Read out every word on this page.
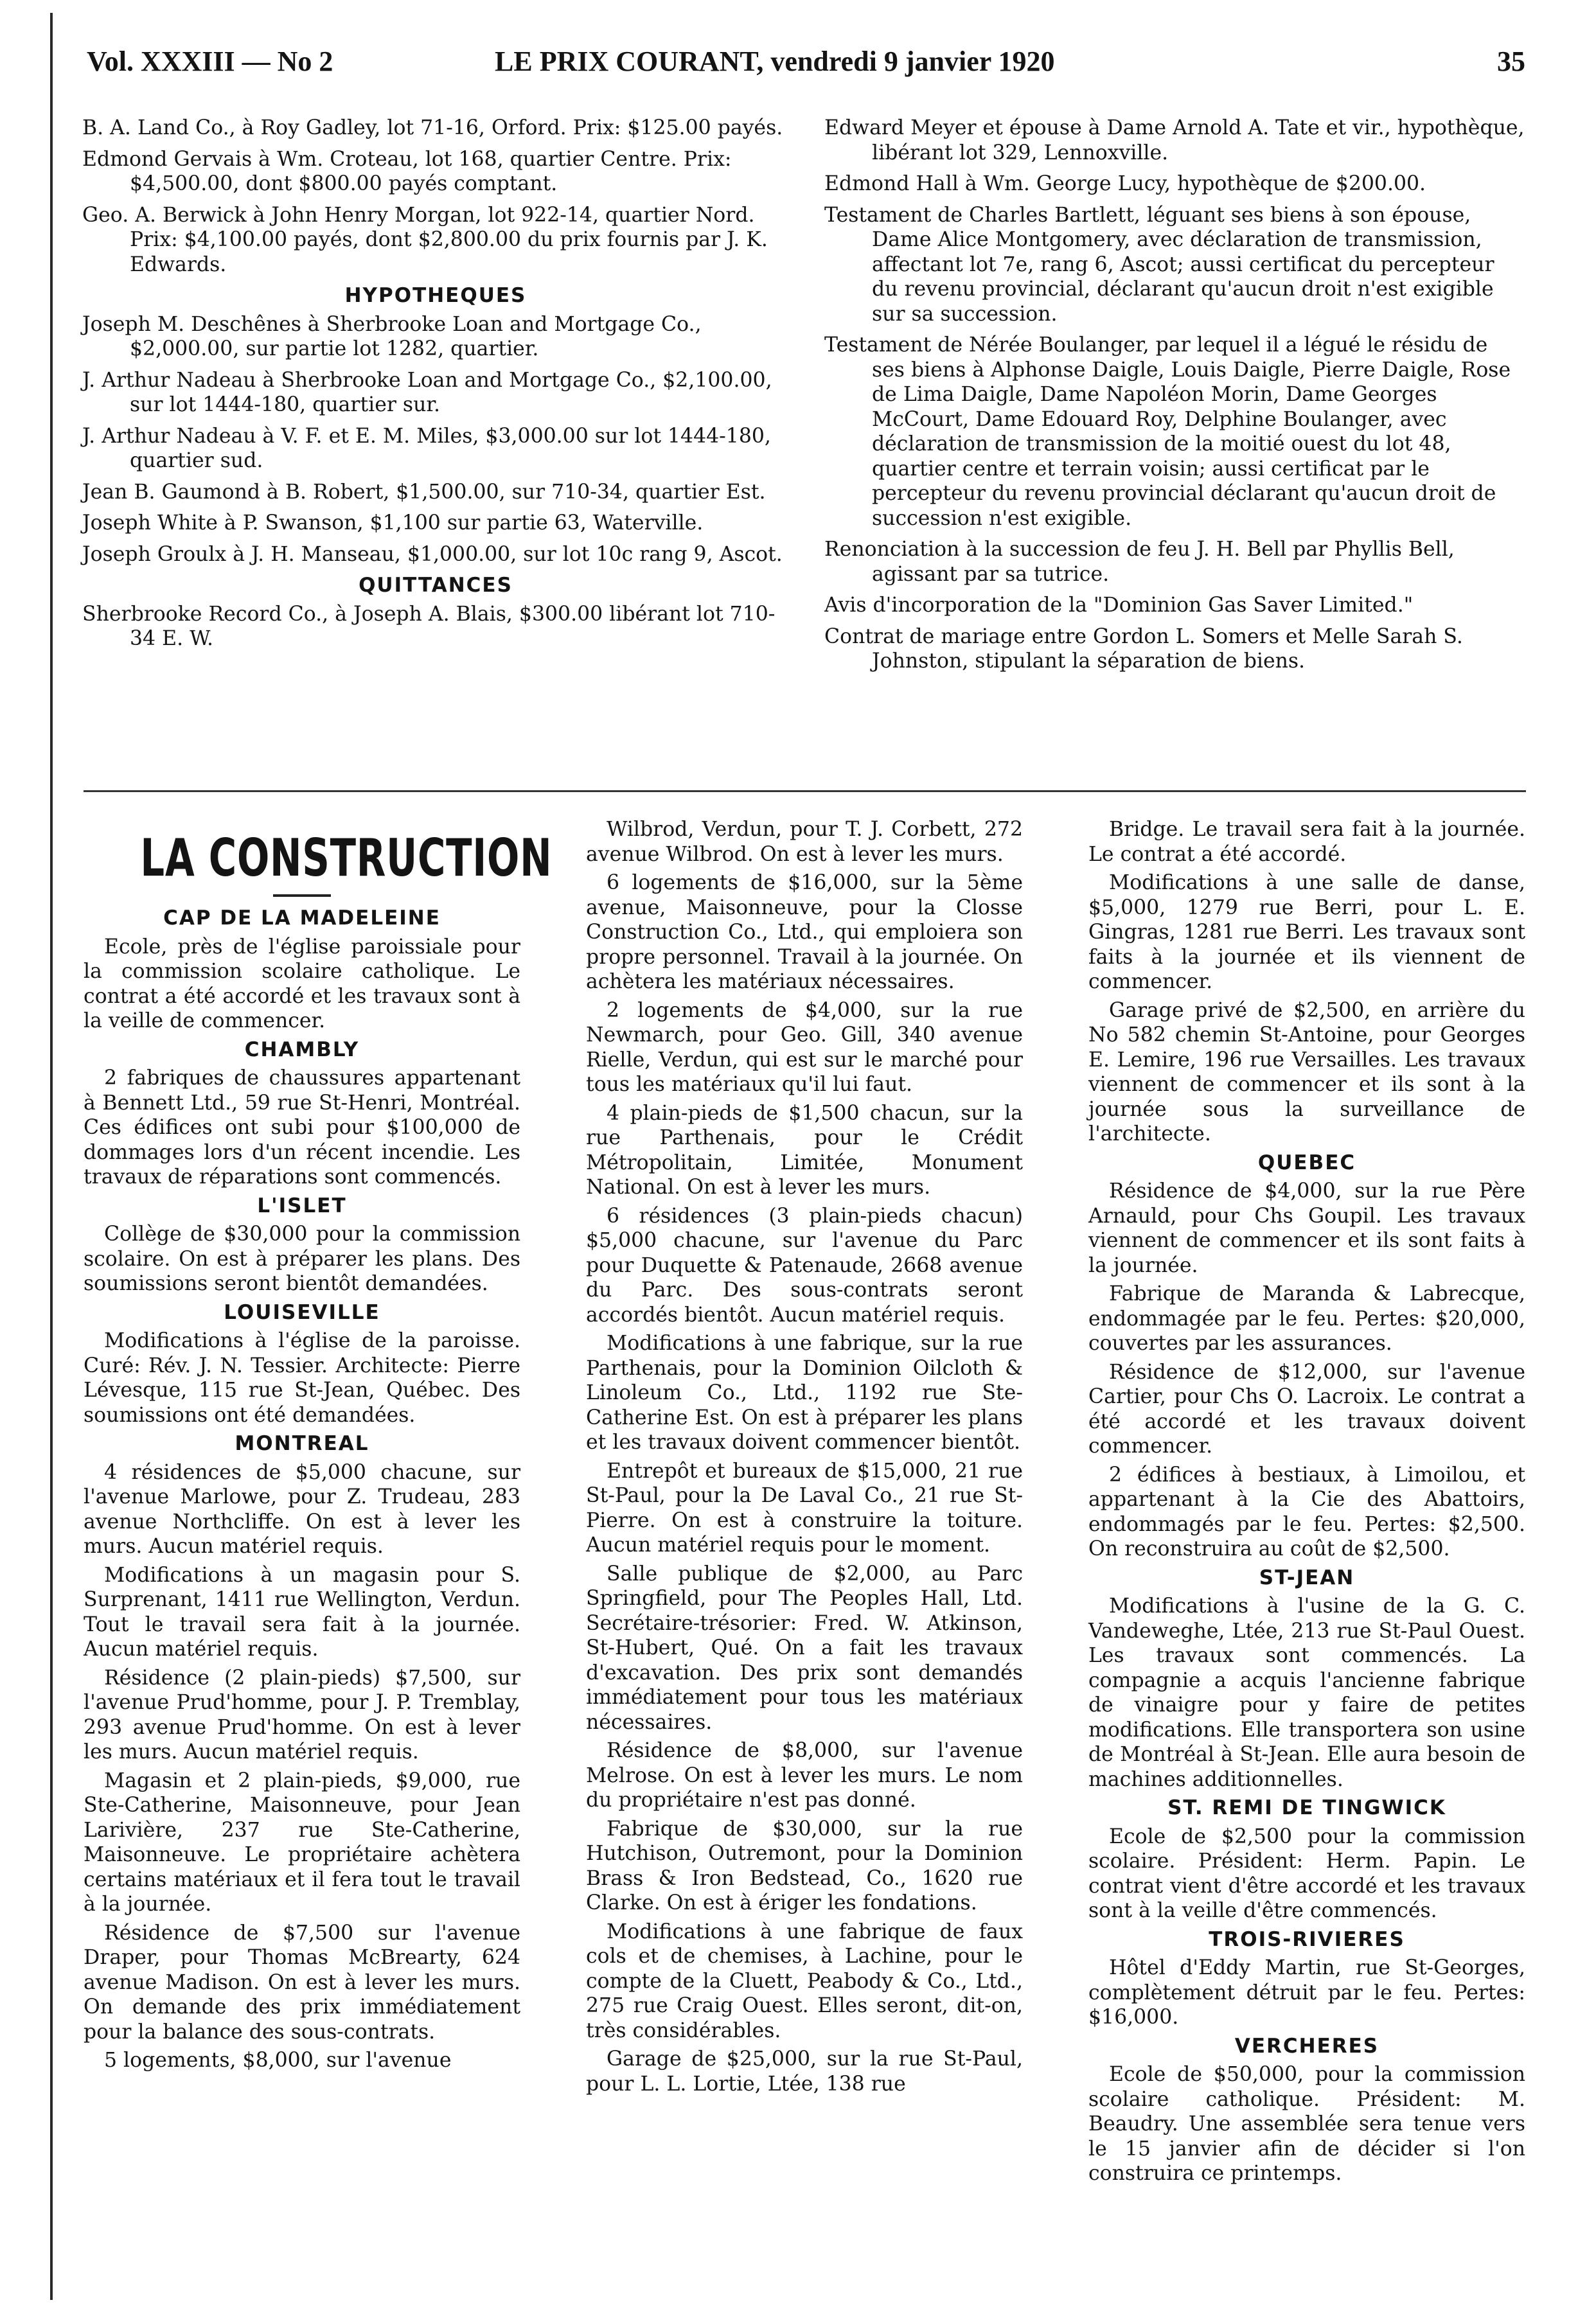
Vol. XXXIII — No 2	LE PRIX COURANT, vendredi 9 janvier 1920	35

B. A. Land Co., à Roy Gadley, lot 71-16, Orford. Prix: $125.00 payés.

Edmond Gervais à Wm. Croteau, lot 168, quartier Centre. Prix: $4,500.00, dont $800.00 payés comptant.

Geo. A. Berwick à John Henry Morgan, lot 922-14, quartier Nord. Prix: $4,100.00 payés, dont $2,800.00 du prix fournis par J. K. Edwards.

HYPOTHEQUES

Joseph M. Deschênes à Sherbrooke Loan and Mortgage Co., $2,000.00, sur partie lot 1282, quartier.

J. Arthur Nadeau à Sherbrooke Loan and Mortgage Co., $2,100.00, sur lot 1444-180, quartier sur.

J. Arthur Nadeau à V. F. et E. M. Miles, $3,000.00 sur lot 1444-180, quartier sud.

Jean B. Gaumond à B. Robert, $1,500.00, sur 710-34, quartier Est.

Joseph White à P. Swanson, $1,100 sur partie 63, Waterville.

Joseph Groulx à J. H. Manseau, $1,000.00, sur lot 10c rang 9, Ascot.

QUITTANCES

Sherbrooke Record Co., à Joseph A. Blais, $300.00 libérant lot 710-34 E. W.

Edward Meyer et épouse à Dame Arnold A. Tate et vir., hypothèque, libérant lot 329, Lennoxville.

Edmond Hall à Wm. George Lucy, hypothèque de $200.00.

Testament de Charles Bartlett, léguant ses biens à son épouse, Dame Alice Montgomery, avec déclaration de transmission, affectant lot 7e, rang 6, Ascot; aussi certificat du percepteur du revenu provincial, déclarant qu'aucun droit n'est exigible sur sa succession.

Testament de Nérée Boulanger, par lequel il a légué le résidu de ses biens à Alphonse Daigle, Louis Daigle, Pierre Daigle, Rose de Lima Daigle, Dame Napoléon Morin, Dame Georges McCourt, Dame Edouard Roy, Delphine Boulanger, avec déclaration de transmission de la moitié ouest du lot 48, quartier centre et terrain voisin; aussi certificat par le percepteur du revenu provincial déclarant qu'aucun droit de succession n'est exigible.

Renonciation à la succession de feu J. H. Bell par Phyllis Bell, agissant par sa tutrice.

Avis d'incorporation de la "Dominion Gas Saver Limited."

Contrat de mariage entre Gordon L. Somers et Melle Sarah S. Johnston, stipulant la séparation de biens.

LA CONSTRUCTION
CAP DE LA MADELEINE

Ecole, près de l'église paroissiale pour la commission scolaire catholique. Le contrat a été accordé et les travaux sont à la veille de commencer.

CHAMBLY

2 fabriques de chaussures appartenant à Bennett Ltd., 59 rue St-Henri, Montréal. Ces édifices ont subi pour $100,000 de dommages lors d'un récent incendie. Les travaux de réparations sont commencés.

L'ISLET

Collège de $30,000 pour la commission scolaire. On est à préparer les plans. Des soumissions seront bientôt demandées.

LOUISEVILLE

Modifications à l'église de la paroisse. Curé: Rév. J. N. Tessier. Architecte: Pierre Lévesque, 115 rue St-Jean, Québec. Des soumissions ont été demandées.

MONTREAL

4 résidences de $5,000 chacune, sur l'avenue Marlowe, pour Z. Trudeau, 283 avenue Northcliffe. On est à lever les murs. Aucun matériel requis.

Modifications à un magasin pour S. Surprenant, 1411 rue Wellington, Verdun. Tout le travail sera fait à la journée. Aucun matériel requis.

Résidence (2 plain-pieds) $7,500, sur l'avenue Prud'homme, pour J. P. Tremblay, 293 avenue Prud'homme. On est à lever les murs. Aucun matériel requis.

Magasin et 2 plain-pieds, $9,000, rue Ste-Catherine, Maisonneuve, pour Jean Larivière, 237 rue Ste-Catherine, Maisonneuve. Le propriétaire achètera certains matériaux et il fera tout le travail à la journée.

Résidence de $7,500 sur l'avenue Draper, pour Thomas McBrearty, 624 avenue Madison. On est à lever les murs. On demande des prix immédiatement pour la balance des sous-contrats.

5 logements, $8,000, sur l'avenue

Wilbrod, Verdun, pour T. J. Corbett, 272 avenue Wilbrod. On est à lever les murs.

6 logements de $16,000, sur la 5ème avenue, Maisonneuve, pour la Closse Construction Co., Ltd., qui emploiera son propre personnel. Travail à la journée. On achètera les matériaux nécessaires.

2 logements de $4,000, sur la rue Newmarch, pour Geo. Gill, 340 avenue Rielle, Verdun, qui est sur le marché pour tous les matériaux qu'il lui faut.

4 plain-pieds de $1,500 chacun, sur la rue Parthenais, pour le Crédit Métropolitain, Limitée, Monument National. On est à lever les murs.

6 résidences (3 plain-pieds chacun) $5,000 chacune, sur l'avenue du Parc pour Duquette & Patenaude, 2668 avenue du Parc. Des sous-contrats seront accordés bientôt. Aucun matériel requis.

Modifications à une fabrique, sur la rue Parthenais, pour la Dominion Oilcloth & Linoleum Co., Ltd., 1192 rue Ste-Catherine Est. On est à préparer les plans et les travaux doivent commencer bientôt.

Entrepôt et bureaux de $15,000, 21 rue St-Paul, pour la De Laval Co., 21 rue St-Pierre. On est à construire la toiture. Aucun matériel requis pour le moment.

Salle publique de $2,000, au Parc Springfield, pour The Peoples Hall, Ltd. Secrétaire-trésorier: Fred. W. Atkinson, St-Hubert, Qué. On a fait les travaux d'excavation. Des prix sont demandés immédiatement pour tous les matériaux nécessaires.

Résidence de $8,000, sur l'avenue Melrose. On est à lever les murs. Le nom du propriétaire n'est pas donné.

Fabrique de $30,000, sur la rue Hutchison, Outremont, pour la Dominion Brass & Iron Bedstead, Co., 1620 rue Clarke. On est à ériger les fondations.

Modifications à une fabrique de faux cols et de chemises, à Lachine, pour le compte de la Cluett, Peabody & Co., Ltd., 275 rue Craig Ouest. Elles seront, dit-on, très considérables.

Garage de $25,000, sur la rue St-Paul, pour L. L. Lortie, Ltée, 138 rue

Bridge. Le travail sera fait à la journée. Le contrat a été accordé.

Modifications à une salle de danse, $5,000, 1279 rue Berri, pour L. E. Gingras, 1281 rue Berri. Les travaux sont faits à la journée et ils viennent de commencer.

Garage privé de $2,500, en arrière du No 582 chemin St-Antoine, pour Georges E. Lemire, 196 rue Versailles. Les travaux viennent de commencer et ils sont à la journée sous la surveillance de l'architecte.

QUEBEC

Résidence de $4,000, sur la rue Père Arnauld, pour Chs Goupil. Les travaux viennent de commencer et ils sont faits à la journée.

Fabrique de Maranda & Labrecque, endommagée par le feu. Pertes: $20,000, couvertes par les assurances.

Résidence de $12,000, sur l'avenue Cartier, pour Chs O. Lacroix. Le contrat a été accordé et les travaux doivent commencer.

2 édifices à bestiaux, à Limoilou, et appartenant à la Cie des Abattoirs, endommagés par le feu. Pertes: $2,500. On reconstruira au coût de $2,500.

ST-JEAN

Modifications à l'usine de la G. C. Vandeweghe, Ltée, 213 rue St-Paul Ouest. Les travaux sont commencés. La compagnie a acquis l'ancienne fabrique de vinaigre pour y faire de petites modifications. Elle transportera son usine de Montréal à St-Jean. Elle aura besoin de machines additionnelles.

ST. REMI DE TINGWICK

Ecole de $2,500 pour la commission scolaire. Président: Herm. Papin. Le contrat vient d'être accordé et les travaux sont à la veille d'être commencés.

TROIS-RIVIERES

Hôtel d'Eddy Martin, rue St-Georges, complètement détruit par le feu. Pertes: $16,000.

VERCHERES

Ecole de $50,000, pour la commission scolaire catholique. Président: M. Beaudry. Une assemblée sera tenue vers le 15 janvier afin de décider si l'on construira ce printemps.
